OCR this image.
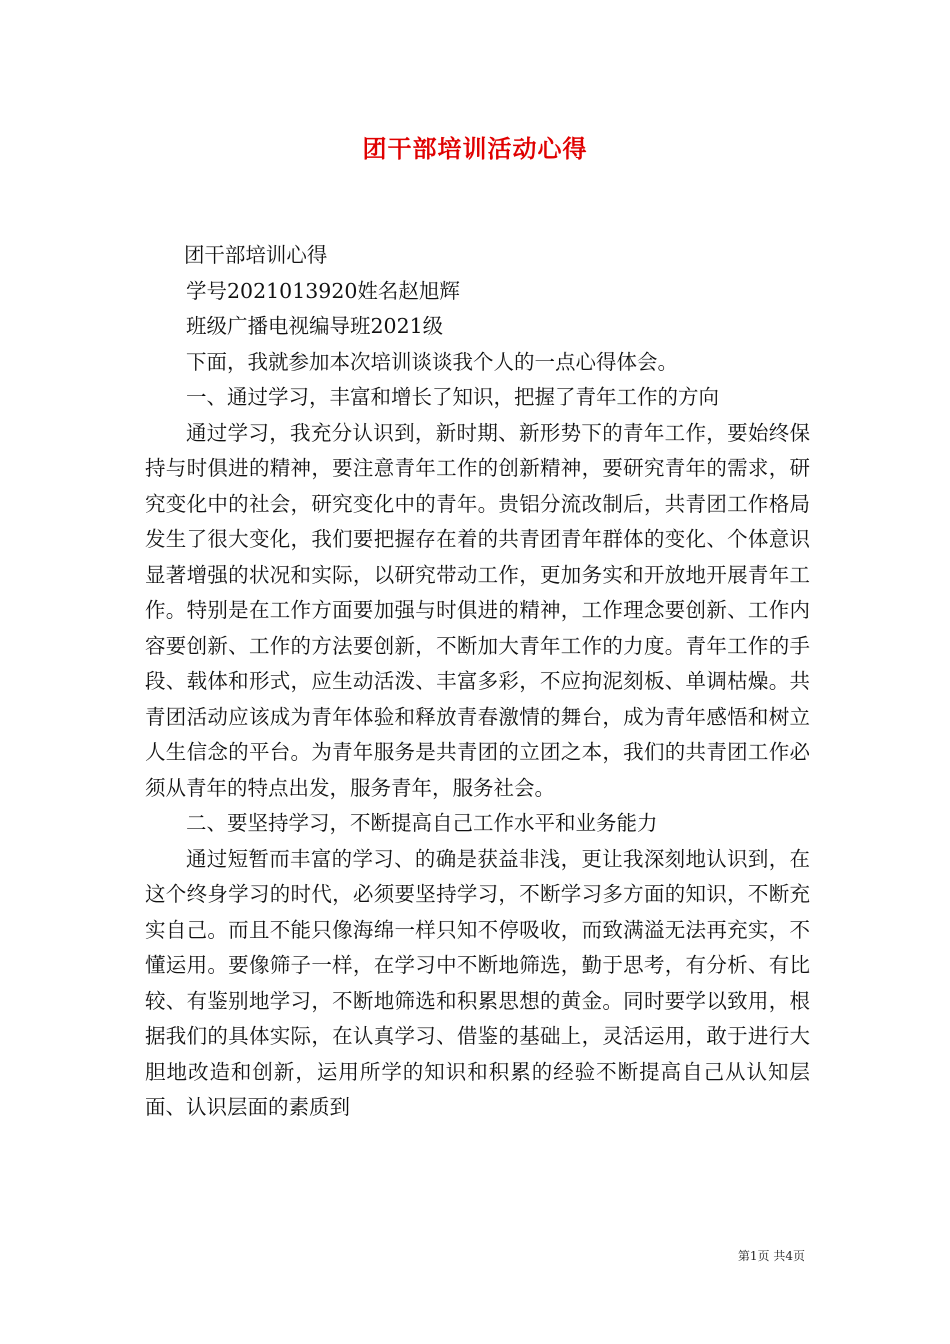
团干部培训活动心得

团干部培训心得

学号2021013920姓名赵旭辉

班级广播电视编导班2021级

下面，我就参加本次培训谈谈我个人的一点心得体会。

一、通过学习，丰富和增长了知识，把握了青年工作的方向

通过学习，我充分认识到，新时期、新形势下的青年工作，要始终保持与时俱进的精神，要注意青年工作的创新精神，要研究青年的需求，研究变化中的社会，研究变化中的青年。贵铝分流改制后，共青团工作格局发生了很大变化，我们要把握存在着的共青团青年群体的变化、个体意识显著增强的状况和实际，以研究带动工作，更加务实和开放地开展青年工作。特别是在工作方面要加强与时俱进的精神，工作理念要创新、工作内容要创新、工作的方法要创新，不断加大青年工作的力度。青年工作的手段、载体和形式，应生动活泼、丰富多彩，不应拘泥刻板、单调枯燥。共青团活动应该成为青年体验和释放青春激情的舞台，成为青年感悟和树立人生信念的平台。为青年服务是共青团的立团之本，我们的共青团工作必须从青年的特点出发，服务青年，服务社会。

二、要坚持学习，不断提高自己工作水平和业务能力

通过短暂而丰富的学习、的确是获益非浅，更让我深刻地认识到，在这个终身学习的时代，必须要坚持学习，不断学习多方面的知识，不断充实自己。而且不能只像海绵一样只知不停吸收，而致满溢无法再充实，不懂运用。要像筛子一样，在学习中不断地筛选，勤于思考，有分析、有比较、有鉴别地学习，不断地筛选和积累思想的黄金。同时要学以致用，根据我们的具体实际，在认真学习、借鉴的基础上，灵活运用，敢于进行大胆地改造和创新，运用所学的知识和积累的经验不断提高自己从认知层面、认识层面的素质到

第1页 共4页
